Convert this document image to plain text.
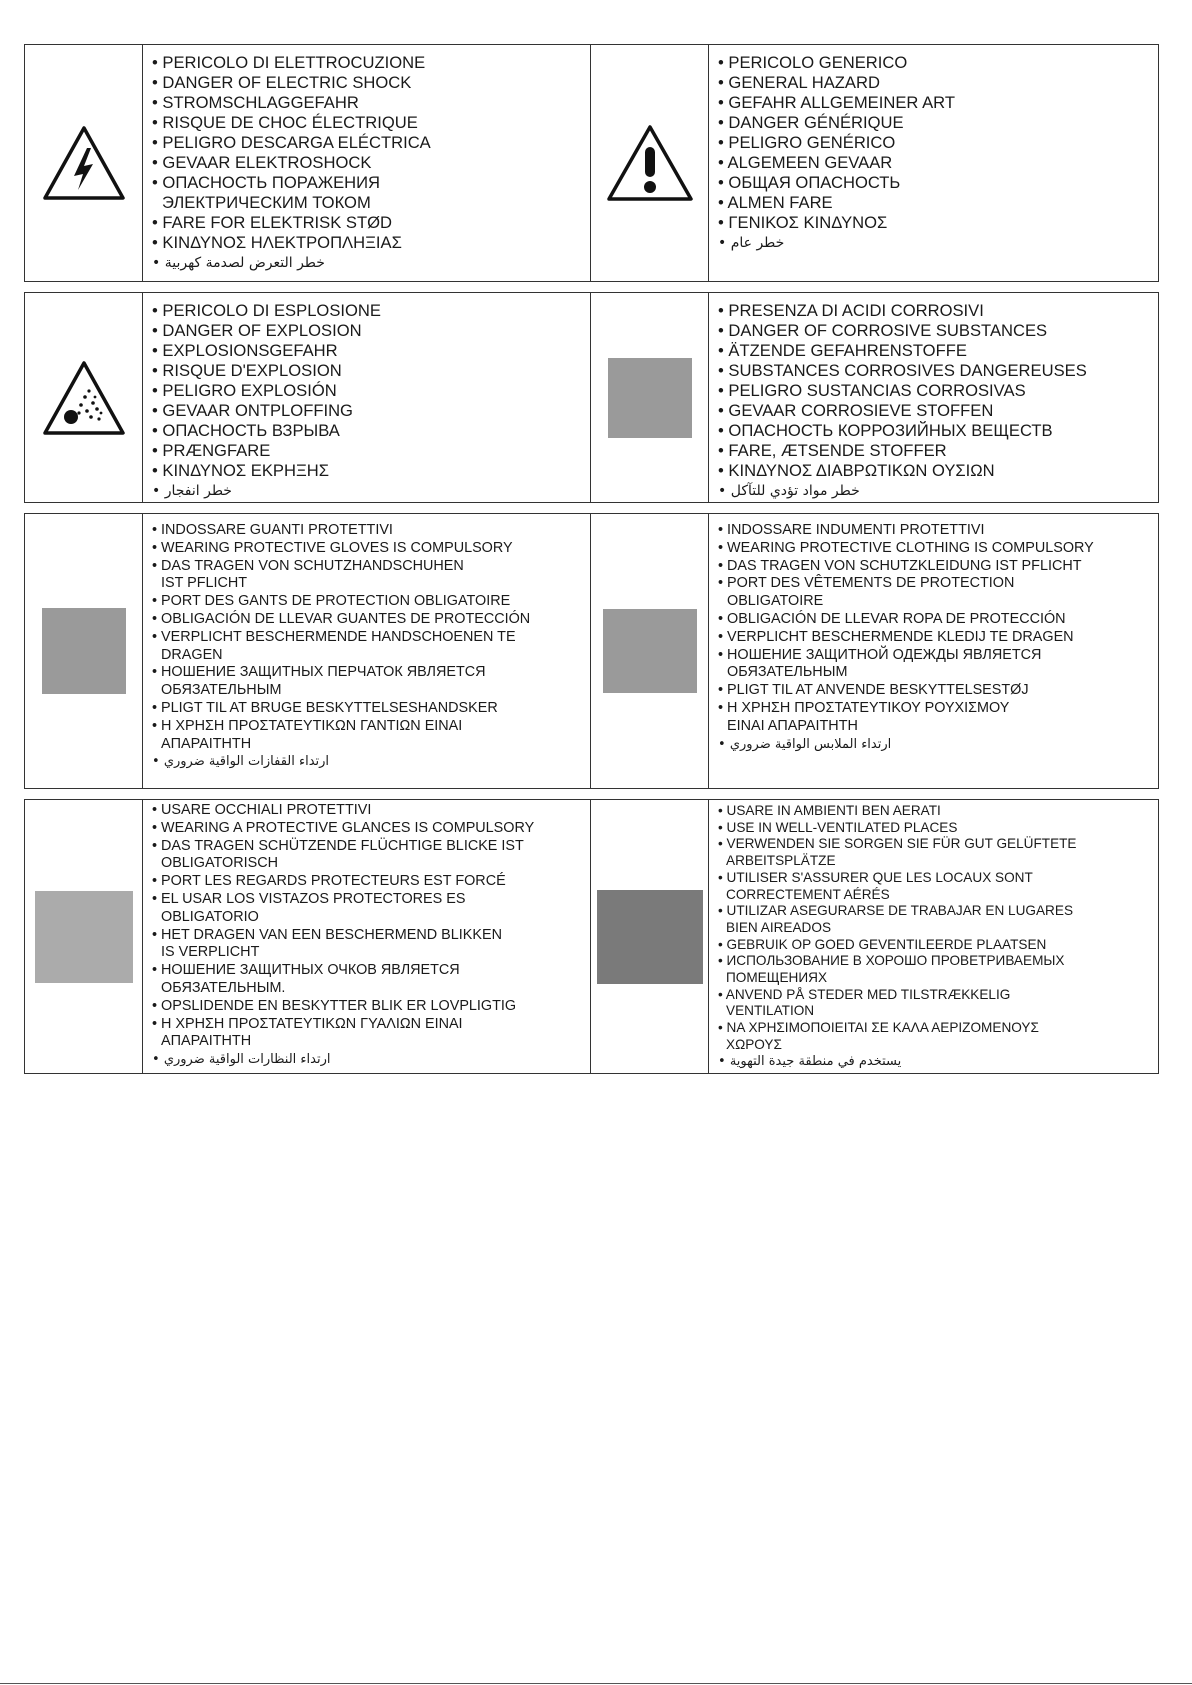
• PERICOLO DI ELETTROCUZIONE
• DANGER OF ELECTRIC SHOCK
• STROMSCHLAGGEFAHR
• RISQUE DE CHOC ÉLECTRIQUE
• PELIGRO DESCARGA ELÉCTRICA
• GEVAAR ELEKTROSHOCK
• ОПАСНОСТЬ ПОРАЖЕНИЯ
ЭЛЕКТРИЧЕСКИМ ТОКОМ
• FARE FOR ELEKTRISK STØD
• ΚΙΝΔΥΝΟΣ ΗΛΕΚΤΡΟΠΛΗΞΙΑΣ
• خطر التعرض لصدمة كهربية
• PERICOLO GENERICO
• GENERAL HAZARD
• GEFAHR ALLGEMEINER ART
• DANGER GÉNÉRIQUE
• PELIGRO GENÉRICO
• ALGEMEEN GEVAAR
• ОБЩАЯ ОПАСНОСТЬ
• ALMEN FARE
• ΓΕΝΙΚΟΣ ΚΙΝΔΥΝΟΣ
• خطر عام
• PERICOLO DI ESPLOSIONE
• DANGER OF EXPLOSION
• EXPLOSIONSGEFAHR
• RISQUE D'EXPLOSION
• PELIGRO EXPLOSIÓN
• GEVAAR ONTPLOFFING
• ОПАСНОСТЬ ВЗРЫВА
• PRÆNGFARE
• ΚΙΝΔΥΝΟΣ ΕΚΡΗΞΗΣ
• خطر انفجار
• PRESENZA DI ACIDI CORROSIVI
• DANGER OF CORROSIVE SUBSTANCES
• ÄTZENDE GEFAHRENSTOFFE
• SUBSTANCES CORROSIVES DANGEREUSES
• PELIGRO SUSTANCIAS CORROSIVAS
• GEVAAR CORROSIEVE STOFFEN
• ОПАСНОСТЬ КОРРОЗИЙНЫХ ВЕЩЕСТВ
• FARE, ÆTSENDE STOFFER
• ΚΙΝΔΥΝΟΣ ΔΙΑΒΡΩΤΙΚΩΝ ΟΥΣΙΩΝ
• خطر مواد تؤدي للتآكل
• INDOSSARE GUANTI PROTETTIVI
• WEARING PROTECTIVE GLOVES IS COMPULSORY
• DAS TRAGEN VON SCHUTZHANDSCHUHEN
IST PFLICHT
• PORT DES GANTS DE PROTECTION OBLIGATOIRE
• OBLIGACIÓN DE LLEVAR GUANTES DE PROTECCIÓN
• VERPLICHT BESCHERMENDE HANDSCHOENEN TE
DRAGEN
• НОШЕНИЕ ЗАЩИТНЫХ ПЕРЧАТОК ЯВЛЯЕТСЯ
ОБЯЗАТЕЛЬНЫМ
• PLIGT TIL AT BRUGE BESKYTTELSESHANDSKER
• Η ΧΡΗΣΗ ΠΡΟΣΤΑΤΕΥΤΙΚΩΝ ΓΑΝΤΙΩΝ ΕΙΝΑΙ
ΑΠΑΡΑΙΤΗΤΗ
• ارتداء القفازات الواقية ضروري
• INDOSSARE INDUMENTI PROTETTIVI
• WEARING PROTECTIVE CLOTHING IS COMPULSORY
• DAS TRAGEN VON SCHUTZKLEIDUNG IST PFLICHT
• PORT DES VÊTEMENTS DE PROTECTION
OBLIGATOIRE
• OBLIGACIÓN DE LLEVAR ROPA DE PROTECCIÓN
• VERPLICHT BESCHERMENDE KLEDIJ TE DRAGEN
• НОШЕНИЕ ЗАЩИТНОЙ ОДЕЖДЫ ЯВЛЯЕТСЯ
ОБЯЗАТЕЛЬНЫМ
• PLIGT TIL AT ANVENDE BESKYTTELSESTØJ
• Η ΧΡΗΣΗ ΠΡΟΣΤΑΤΕΥΤΙΚΟΥ ΡΟΥΧΙΣΜΟΥ
ΕΙΝΑΙ ΑΠΑΡΑΙΤΗΤΗ
• ارتداء الملابس الواقية ضروري
• USARE OCCHIALI PROTETTIVI
• WEARING A PROTECTIVE GLANCES IS COMPULSORY
• DAS TRAGEN SCHÜTZENDE FLÜCHTIGE BLICKE IST
OBLIGATORISCH
• PORT LES REGARDS PROTECTEURS EST FORCÉ
• EL USAR LOS VISTAZOS PROTECTORES ES
OBLIGATORIO
• HET DRAGEN VAN EEN BESCHERMEND BLIKKEN
IS VERPLICHT
• НОШЕНИЕ ЗАЩИТНЫХ ОЧКОВ ЯВЛЯЕТСЯ
ОБЯЗАТЕЛЬНЫМ.
• OPSLIDENDE EN BESKYTTER BLIK ER LOVPLIGTIG
• Η ΧΡΗΣΗ ΠΡΟΣΤΑΤΕΥΤΙΚΩΝ ΓΥΑΛΙΩΝ ΕΙΝΑΙ
ΑΠΑΡΑΙΤΗΤΗ
• ارتداء النظارات الواقية ضروري
• USARE IN AMBIENTI BEN AERATI
• USE IN WELL-VENTILATED PLACES
• VERWENDEN SIE SORGEN SIE FÜR GUT GELÜFTETE
ARBEITSPLÄTZE
• UTILISER S'ASSURER QUE LES LOCAUX SONT
CORRECTEMENT AÉRÉS
• UTILIZAR ASEGURARSE DE TRABAJAR EN LUGARES
BIEN AIREADOS
• GEBRUIK OP GOED GEVENTILEERDE PLAATSEN
• ИСПОЛЬЗОВАНИЕ В ХОРОШО ПРОВЕТРИВАЕМЫХ
ПОМЕЩЕНИЯХ
• ANVEND PÅ STEDER MED TILSTRÆKKELIG
VENTILATION
• ΝΑ ΧΡΗΣΙΜΟΠΟΙΕΙΤΑΙ ΣΕ ΚΑΛΑ ΑΕΡΙΖΟΜΕΝΟΥΣ
ΧΩΡΟΥΣ
• يستخدم في منطقة جيدة التهوية
